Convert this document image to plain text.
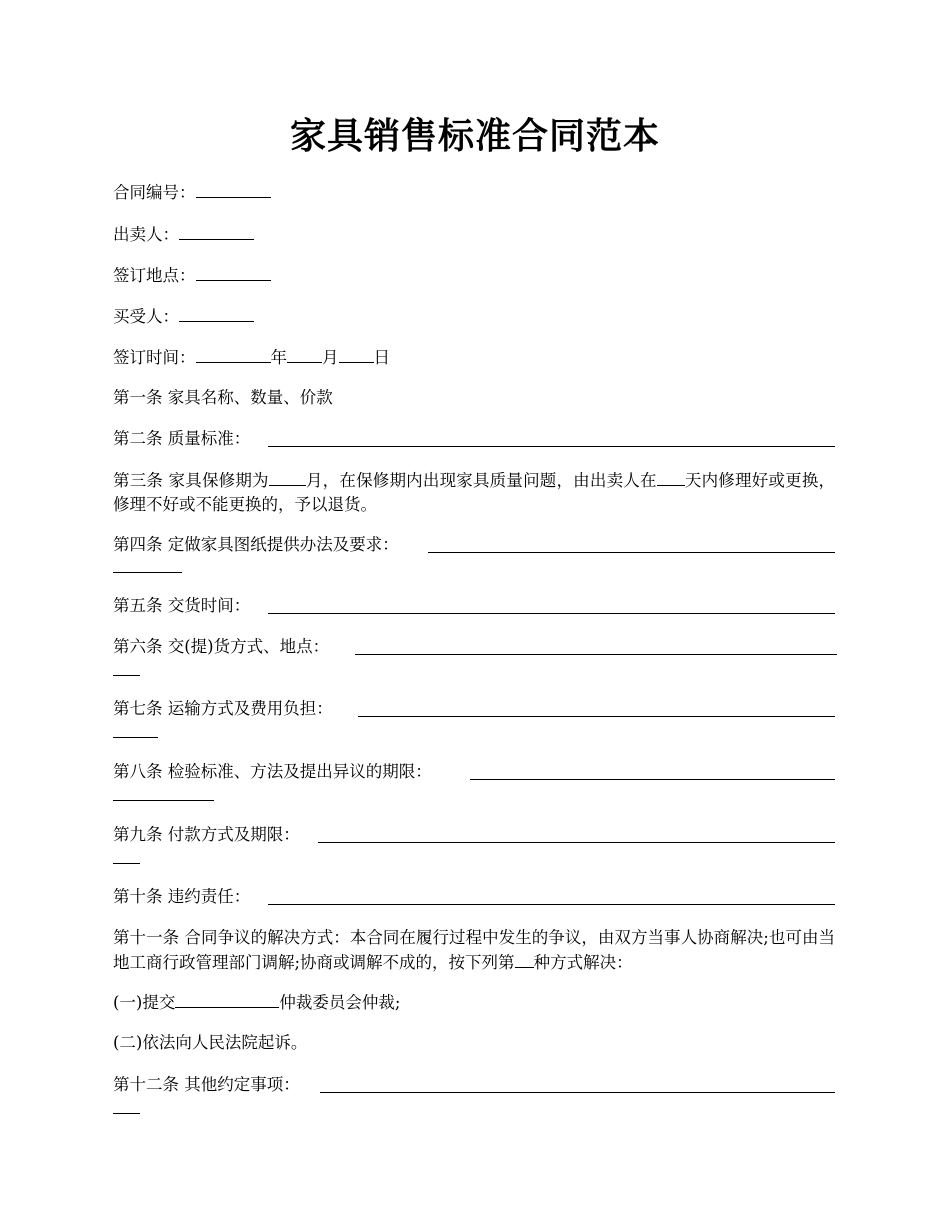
家具销售标准合同范本

合同编号：

出卖人：

签订地点：

买受人：

签订时间：	年 月 日

第一条 家具名称、数量、价款

第二条 质量标准：

第三条 家具保修期为 月，在保修期内出现家具质量问题，由出卖人在 天内修理好或更换，修理不好或不能更换的，予以退货。

第四条 定做家具图纸提供办法及要求：

第五条 交货时间：

第六条 交(提)货方式、地点：

第七条 运输方式及费用负担：

第八条 检验标准、方法及提出异议的期限：

第九条 付款方式及期限：

第十条 违约责任：

第十一条 合同争议的解决方式：本合同在履行过程中发生的争议，由双方当事人协商解决;也可由当地工商行政管理部门调解;协商或调解不成的，按下列第 种方式解决：

(一)提交	仲裁委员会仲裁;

(二)依法向人民法院起诉。

第十二条 其他约定事项：
